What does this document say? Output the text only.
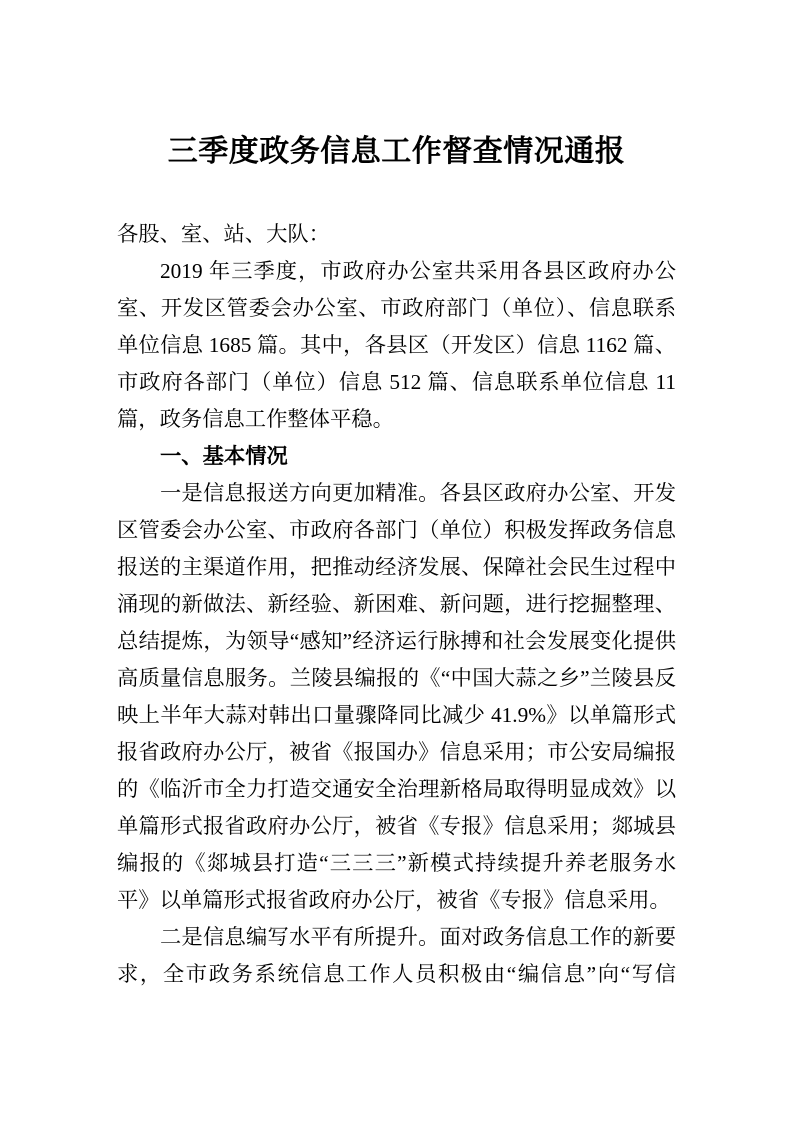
三季度政务信息工作督查情况通报

各股、室、站、大队：

2019 年三季度，市政府办公室共采用各县区政府办公室、开发区管委会办公室、市政府部门（单位）、信息联系单位信息 1685 篇。其中，各县区（开发区）信息 1162 篇、市政府各部门（单位）信息 512 篇、信息联系单位信息 11 篇，政务信息工作整体平稳。

一、基本情况

一是信息报送方向更加精准。各县区政府办公室、开发区管委会办公室、市政府各部门（单位）积极发挥政务信息报送的主渠道作用，把推动经济发展、保障社会民生过程中涌现的新做法、新经验、新困难、新问题，进行挖掘整理、总结提炼，为领导“感知”经济运行脉搏和社会发展变化提供高质量信息服务。兰陵县编报的《“中国大蒜之乡”兰陵县反映上半年大蒜对韩出口量骤降同比减少 41.9%》以单篇形式报省政府办公厅，被省《报国办》信息采用；市公安局编报的《临沂市全力打造交通安全治理新格局取得明显成效》以单篇形式报省政府办公厅，被省《专报》信息采用；郯城县编报的《郯城县打造“三三三”新模式持续提升养老服务水平》以单篇形式报省政府办公厅，被省《专报》信息采用。

二是信息编写水平有所提升。面对政务信息工作的新要求，全市政务系统信息工作人员积极由“编信息”向“写信
